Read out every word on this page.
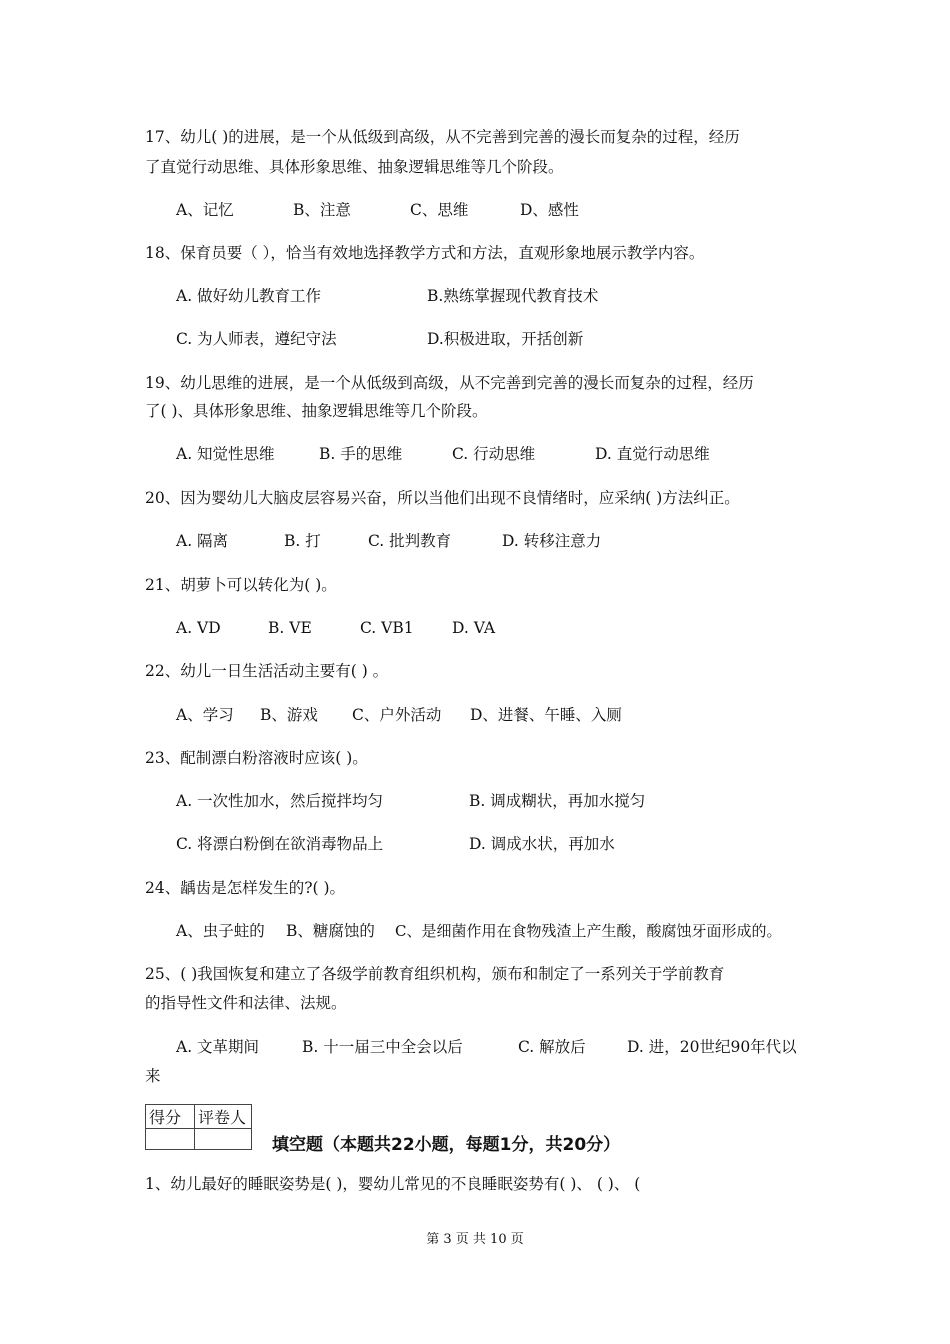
17、幼儿( )的进展，是一个从低级到高级，从不完善到完善的漫长而复杂的过程，经历
了直觉行动思维、具体形象思维、抽象逻辑思维等几个阶段。
A、记忆	B、注意	C、思维	D、感性
18、保育员要（ ），恰当有效地选择教学方式和方法，直观形象地展示教学内容。
A. 做好幼儿教育工作	B.熟练掌握现代教育技术
C. 为人师表，遵纪守法	D.积极进取，开括创新
19、幼儿思维的进展，是一个从低级到高级，从不完善到完善的漫长而复杂的过程，经历
了( )、具体形象思维、抽象逻辑思维等几个阶段。
A. 知觉性思维	B. 手的思维	C. 行动思维	D. 直觉行动思维
20、因为婴幼儿大脑皮层容易兴奋，所以当他们出现不良情绪时，应采纳( )方法纠正。
A. 隔离	B. 打	C. 批判教育	D. 转移注意力
21、胡萝卜可以转化为( )。
A. VD	B. VE	C. VB1 D. VA
22、幼儿一日生活活动主要有( ) 。
A、学习 B、游戏 C、户外活动 D、进餐、午睡、入厕
23、配制漂白粉溶液时应该( )。
A. 一次性加水，然后搅拌均匀	B. 调成糊状，再加水搅匀
C. 将漂白粉倒在欲消毒物品上	D. 调成水状，再加水
24、龋齿是怎样发生的?( )。
A、虫子蛀的 B、糖腐蚀的 C、是细菌作用在食物残渣上产生酸，酸腐蚀牙面形成的。
25、( )我国恢复和建立了各级学前教育组织机构，颁布和制定了一系列关于学前教育
的指导性文件和法律、法规。
A. 文革期间	B. 十一届三中全会以后	C. 解放后	D. 进，20世纪90年代以
来
得分	评卷人

填空题（本题共22小题，每题1分，共20分）
1、幼儿最好的睡眠姿势是( )，婴幼儿常见的不良睡眠姿势有( )、 ( )、 (
第 3 页 共 10 页
